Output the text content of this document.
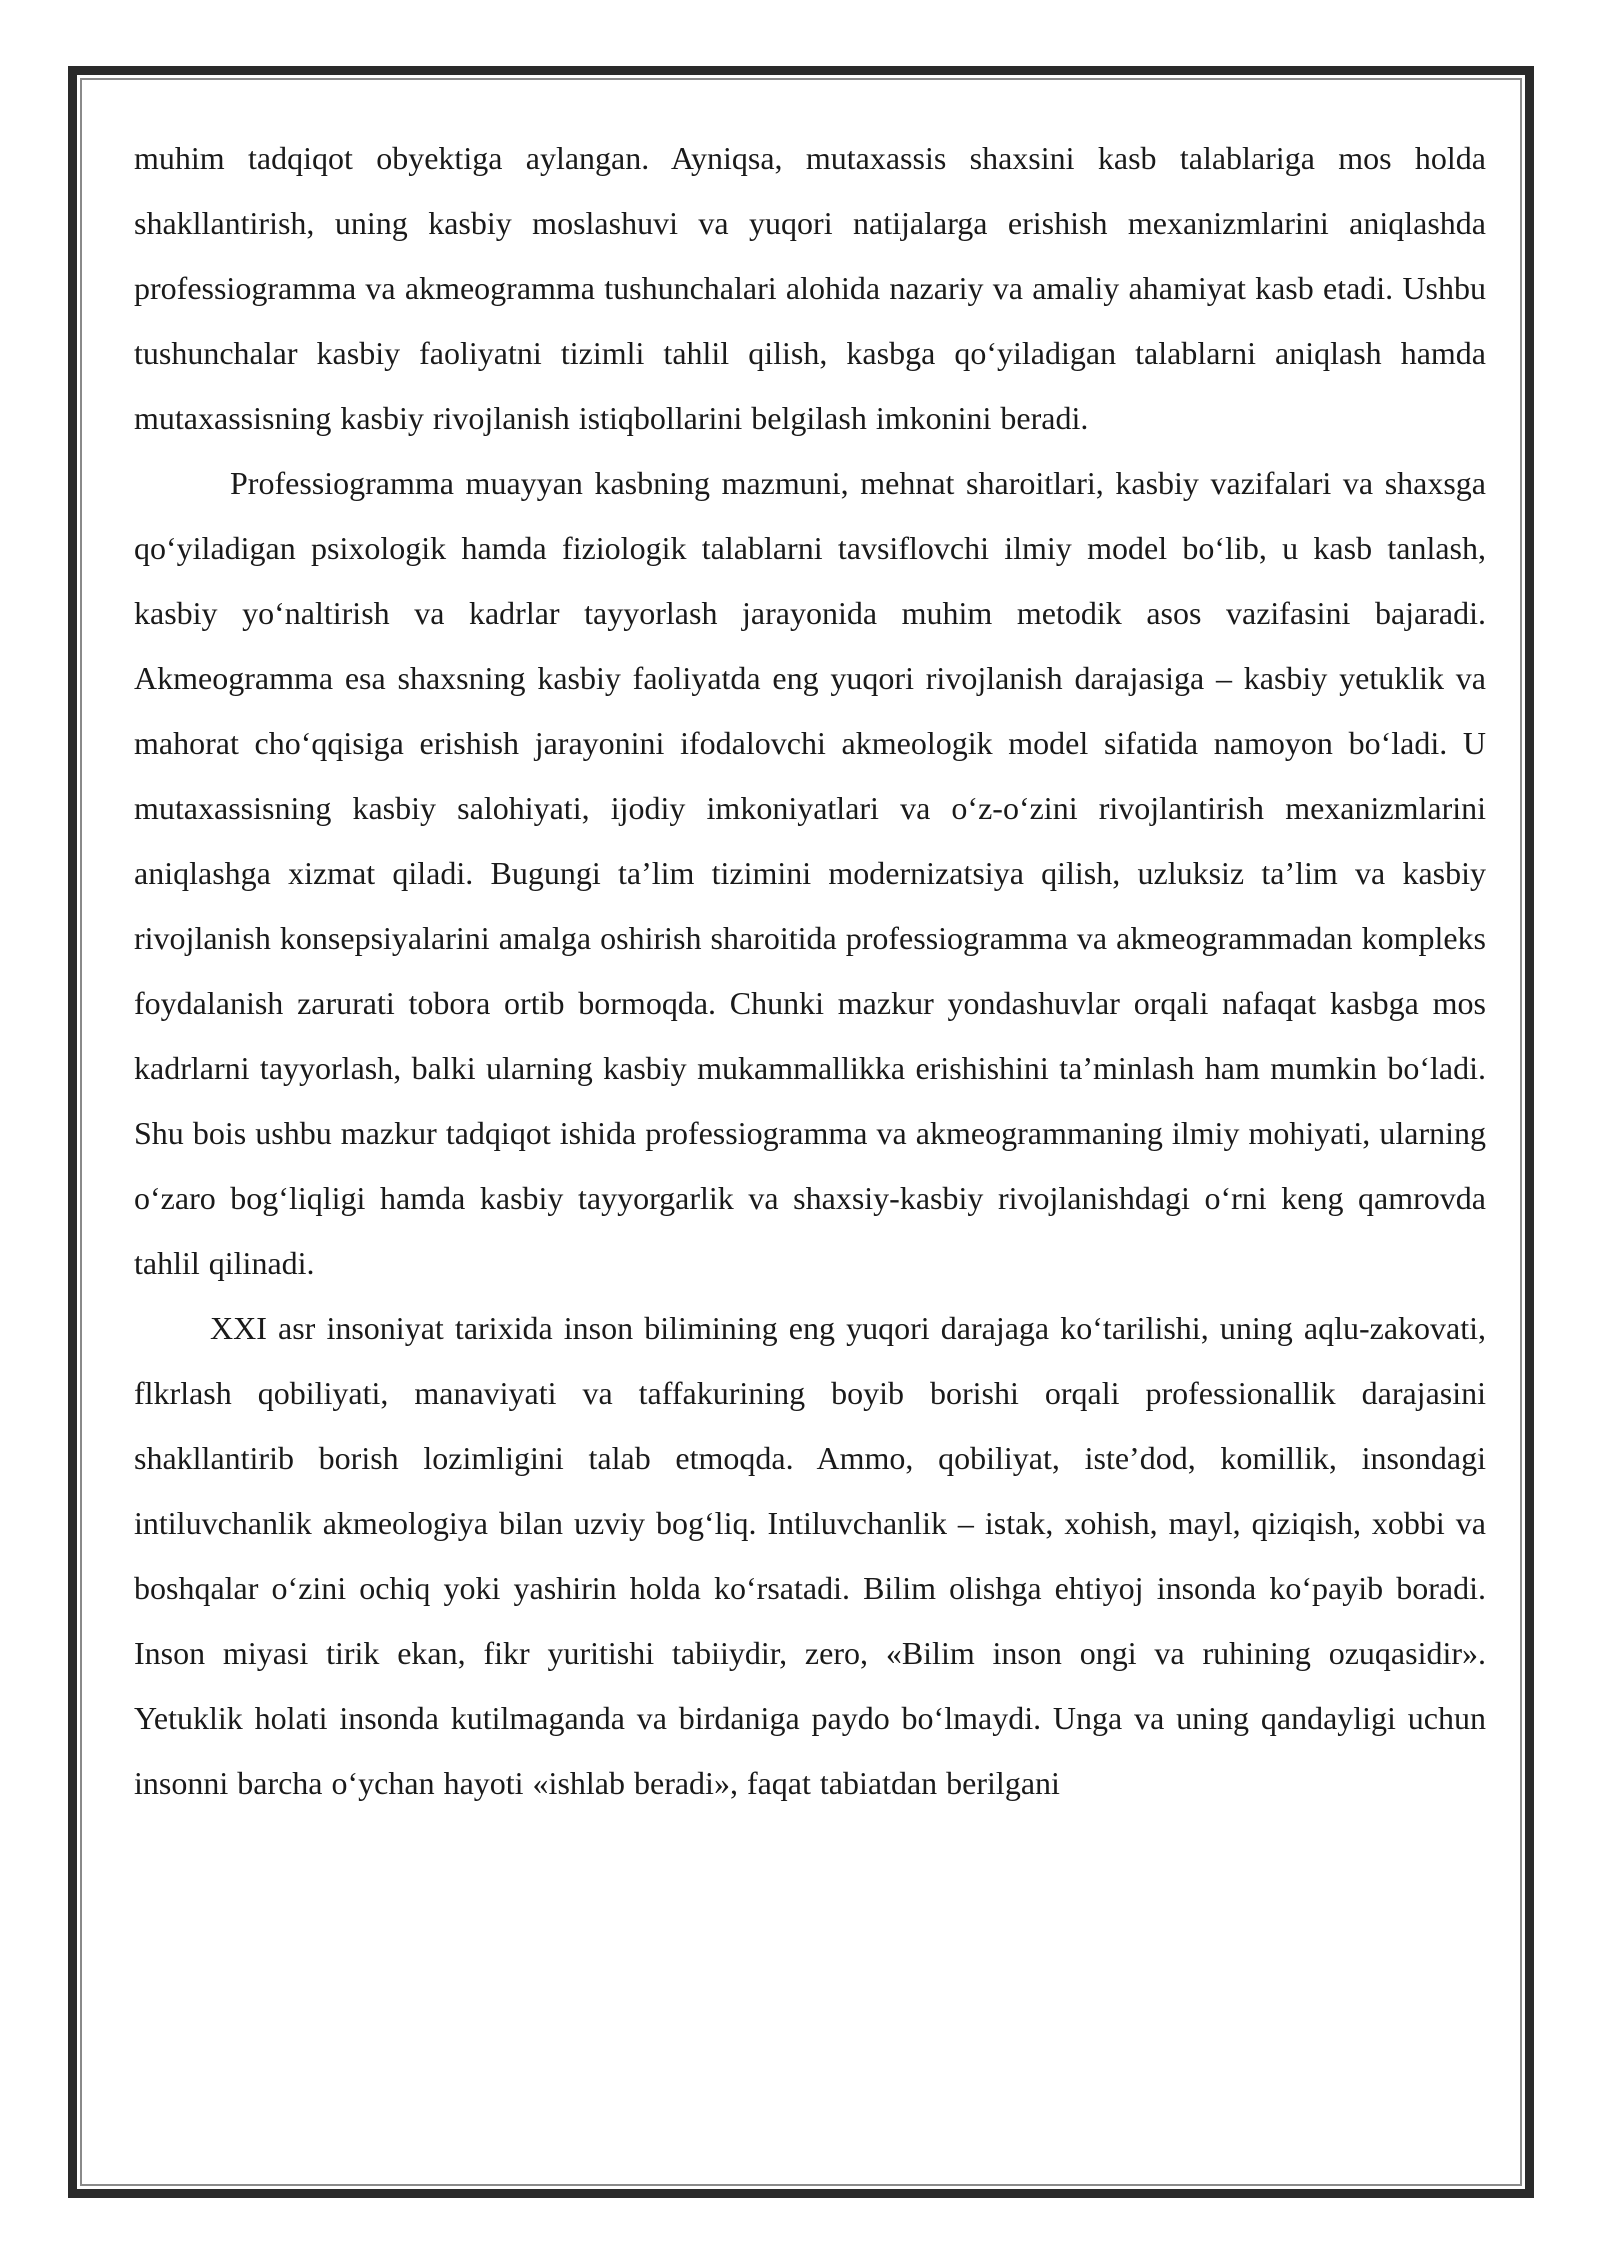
muhim tadqiqot obyektiga aylangan. Ayniqsa, mutaxassis shaxsini kasb talablariga mos holda shakllantirish, uning kasbiy moslashuvi va yuqori natijalarga erishish mexanizmlarini aniqlashda professiogramma va akmeogramma tushunchalari alohida nazariy va amaliy ahamiyat kasb etadi. Ushbu tushunchalar kasbiy faoliyatni tizimli tahlil qilish, kasbga qo‘yiladigan talablarni aniqlash hamda mutaxassisning kasbiy rivojlanish istiqbollarini belgilash imkonini beradi.

Professiogramma muayyan kasbning mazmuni, mehnat sharoitlari, kasbiy vazifalari va shaxsga qo‘yiladigan psixologik hamda fiziologik talablarni tavsiflovchi ilmiy model bo‘lib, u kasb tanlash, kasbiy yo‘naltirish va kadrlar tayyorlash jarayonida muhim metodik asos vazifasini bajaradi. Akmeogramma esa shaxsning kasbiy faoliyatda eng yuqori rivojlanish darajasiga – kasbiy yetuklik va mahorat cho‘qqisiga erishish jarayonini ifodalovchi akmeologik model sifatida namoyon bo‘ladi. U mutaxassisning kasbiy salohiyati, ijodiy imkoniyatlari va o‘z-o‘zini rivojlantirish mexanizmlarini aniqlashga xizmat qiladi. Bugungi ta’lim tizimini modernizatsiya qilish, uzluksiz ta’lim va kasbiy rivojlanish konsepsiyalarini amalga oshirish sharoitida professiogramma va akmeogrammadan kompleks foydalanish zarurati tobora ortib bormoqda. Chunki mazkur yondashuvlar orqali nafaqat kasbga mos kadrlarni tayyorlash, balki ularning kasbiy mukammallikka erishishini ta’minlash ham mumkin bo‘ladi. Shu bois ushbu mazkur tadqiqot ishida professiogramma va akmeogrammaning ilmiy mohiyati, ularning o‘zaro bog‘liqligi hamda kasbiy tayyorgarlik va shaxsiy-kasbiy rivojlanishdagi o‘rni keng qamrovda tahlil qilinadi.

XXI asr insoniyat tarixida inson bilimining eng yuqori darajaga ko‘tarilishi, uning aqlu-zakovati, flkrlash qobiliyati, manaviyati va taffakurining boyib borishi orqali professionallik darajasini shakllantirib borish lozimligini talab etmoqda. Ammo, qobiliyat, iste’dod, komillik, insondagi intiluvchanlik akmeologiya bilan uzviy bog‘liq. Intiluvchanlik – istak, xohish, mayl, qiziqish, xobbi va boshqalar o‘zini ochiq yoki yashirin holda ko‘rsatadi. Bilim olishga ehtiyoj insonda ko‘payib boradi. Inson miyasi tirik ekan, fikr yuritishi tabiiydir, zero, «Bilim inson ongi va ruhining ozuqasidir». Yetuklik holati insonda kutilmaganda va birdaniga paydo bo‘lmaydi. Unga va uning qandayligi uchun insonni barcha o‘ychan hayoti «ishlab beradi», faqat tabiatdan berilgani
